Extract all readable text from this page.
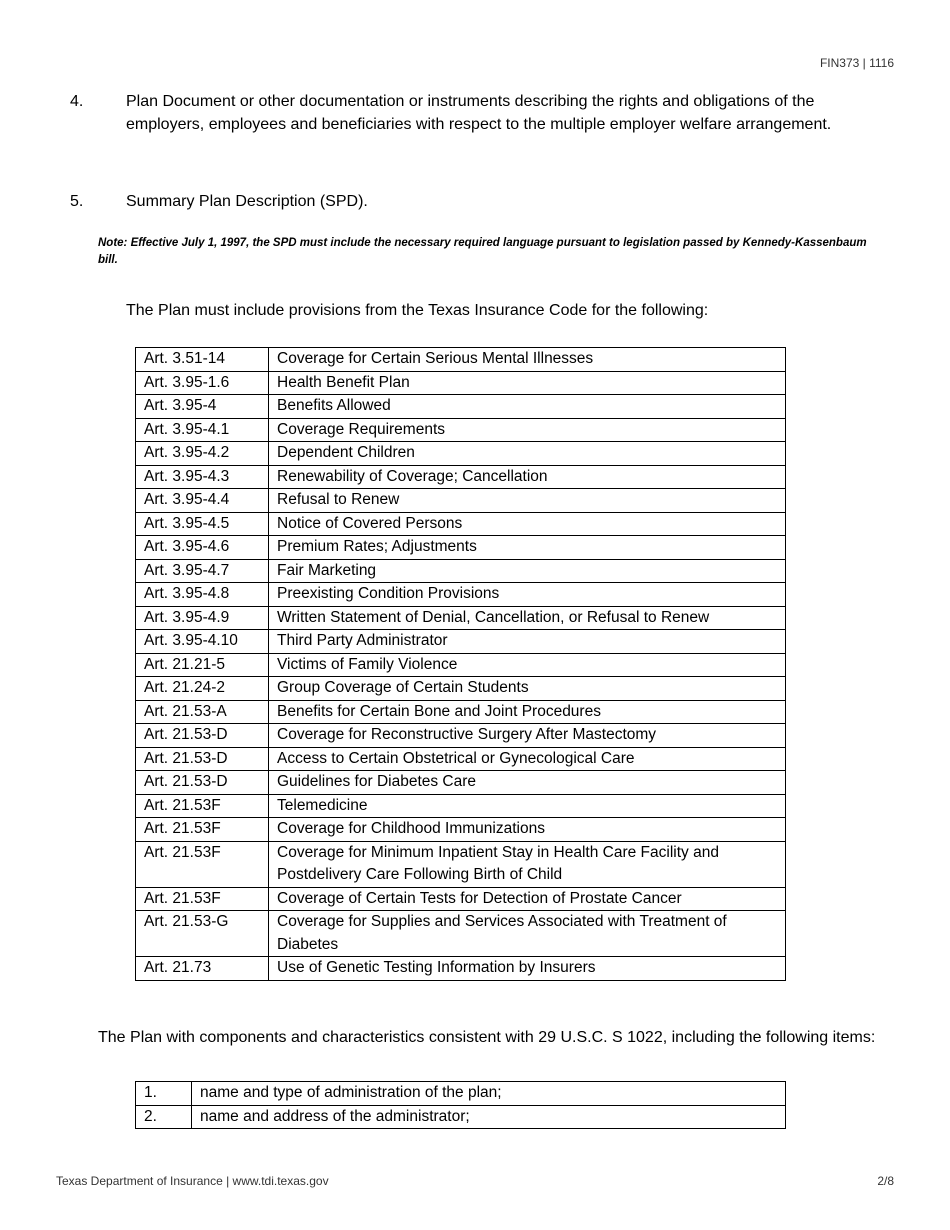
FIN373 | 1116
4.	Plan Document or other documentation or instruments describing the rights and obligations of the employers, employees and beneficiaries with respect to the multiple employer welfare arrangement.
5.	Summary Plan Description (SPD).
Note: Effective July 1, 1997, the SPD must include the necessary required language pursuant to legislation passed by Kennedy-Kassenbaum bill.
The Plan must include provisions from the Texas Insurance Code for the following:
Art. 3.51-14	Coverage for Certain Serious Mental Illnesses
Art. 3.95-1.6	Health Benefit Plan
Art. 3.95-4	Benefits Allowed
Art. 3.95-4.1	Coverage Requirements
Art. 3.95-4.2	Dependent Children
Art. 3.95-4.3	Renewability of Coverage; Cancellation
Art. 3.95-4.4	Refusal to Renew
Art. 3.95-4.5	Notice of Covered Persons
Art. 3.95-4.6	Premium Rates; Adjustments
Art. 3.95-4.7	Fair Marketing
Art. 3.95-4.8	Preexisting Condition Provisions
Art. 3.95-4.9	Written Statement of Denial, Cancellation, or Refusal to Renew
Art. 3.95-4.10	Third Party Administrator
Art. 21.21-5	Victims of Family Violence
Art. 21.24-2	Group Coverage of Certain Students
Art. 21.53-A	Benefits for Certain Bone and Joint Procedures
Art. 21.53-D	Coverage for Reconstructive Surgery After Mastectomy
Art. 21.53-D	Access to Certain Obstetrical or Gynecological Care
Art. 21.53-D	Guidelines for Diabetes Care
Art. 21.53F	Telemedicine
Art. 21.53F	Coverage for Childhood Immunizations
Art. 21.53F	Coverage for Minimum Inpatient Stay in Health Care Facility and Postdelivery Care Following Birth of Child
Art. 21.53F	Coverage of Certain Tests for Detection of Prostate Cancer
Art. 21.53-G	Coverage for Supplies and Services Associated with Treatment of Diabetes
Art. 21.73	Use of Genetic Testing Information by Insurers
The Plan with components and characteristics consistent with 29 U.S.C. S 1022, including the following items:
1.	name and type of administration of the plan;
2.	name and address of the administrator;
Texas Department of Insurance | www.tdi.texas.gov	2/8
